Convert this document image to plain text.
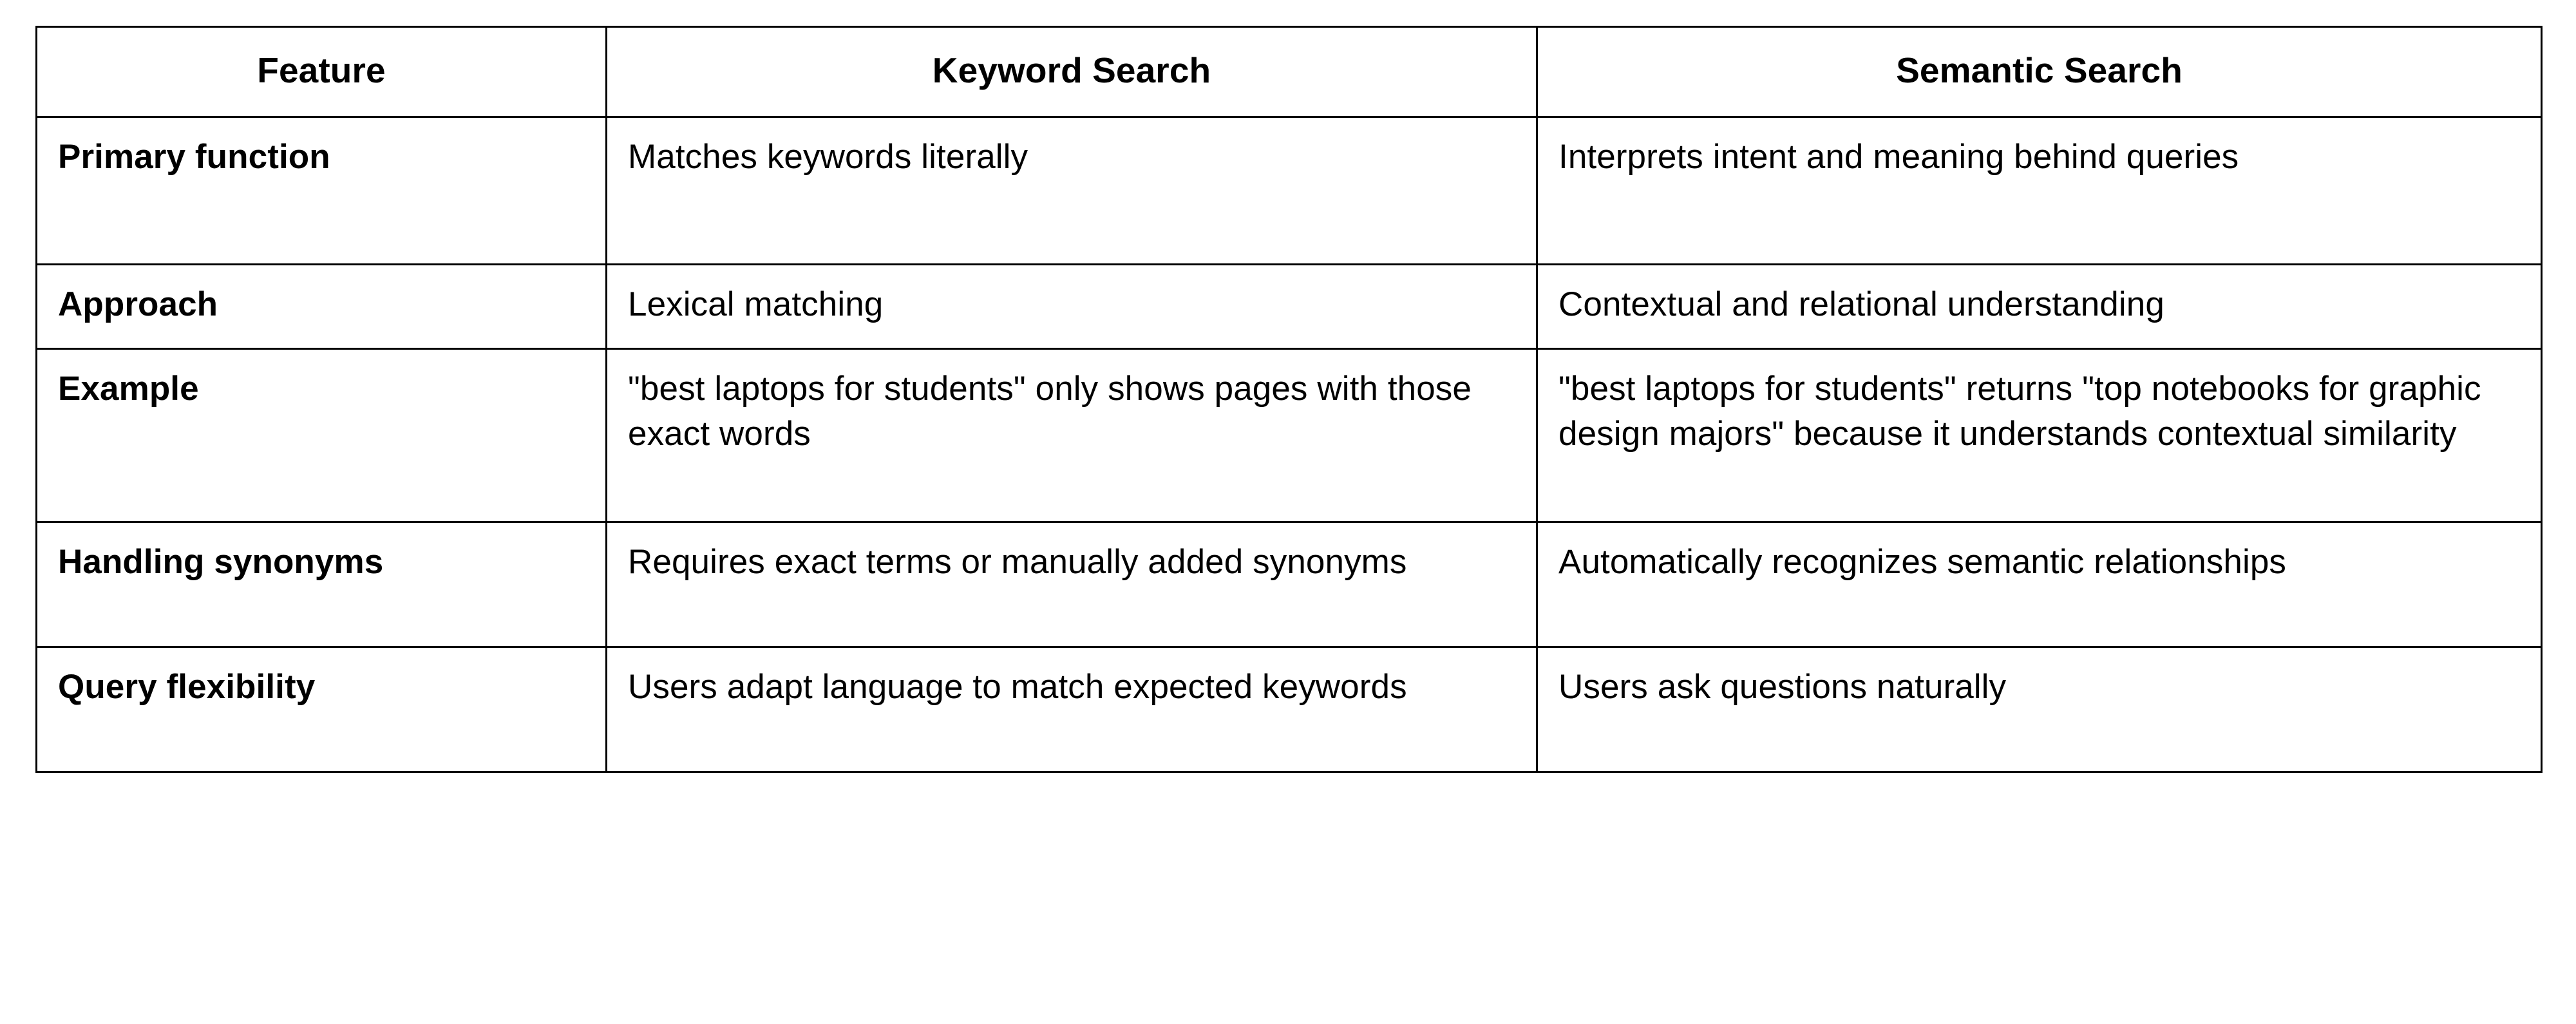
Feature	Keyword Search	Semantic Search
Primary function	Matches keywords literally	Interprets intent and meaning behind queries
Approach	Lexical matching	Contextual and relational understanding
Example	"best laptops for students" only shows pages with those exact words	"best laptops for students" returns "top notebooks for graphic design majors" because it understands contextual similarity
Handling synonyms	Requires exact terms or manually added synonyms	Automatically recognizes semantic relationships
Query flexibility	Users adapt language to match expected keywords	Users ask questions naturally
